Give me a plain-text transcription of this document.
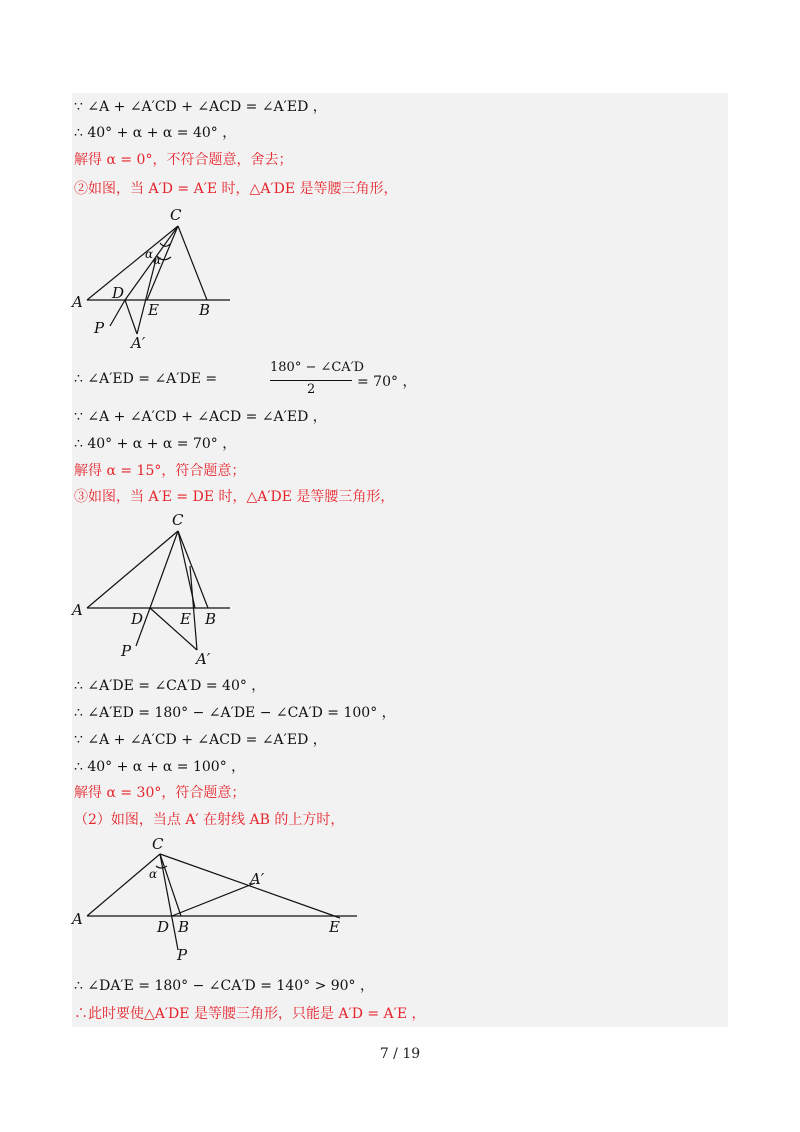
∵ ∠A + ∠A′CD + ∠ACD = ∠A′ED ，
∴ 40° + α + α = 40° ，
解得 α = 0°，不符合题意，舍去；
②如图，当 A′D = A′E 时，△A′DE 是等腰三角形，
C
A D
E	B
P
A′
α α
C
A	D E B
P	A′
C
A	D B	E
P
A′
α
∴ ∠A′ED = ∠A′DE =
180° − ∠CA′D
2	= 70° ，
∵ ∠A + ∠A′CD + ∠ACD = ∠A′ED ，
∴ 40° + α + α = 70° ，
解得 α = 15°，符合题意；
③如图，当 A′E = DE 时，△A′DE 是等腰三角形，
∴ ∠A′DE = ∠CA′D = 40° ，
∴ ∠A′ED = 180° − ∠A′DE − ∠CA′D = 100° ，
∵ ∠A + ∠A′CD + ∠ACD = ∠A′ED ，
∴ 40° + α + α = 100° ，
解得 α = 30°，符合题意；
（2）如图，当点 A′ 在射线 AB 的上方时，
∴ ∠DA′E = 180° − ∠CA′D = 140° > 90° ，
∴此时要使△A′DE 是等腰三角形，只能是 A′D = A′E ，
7 / 19
